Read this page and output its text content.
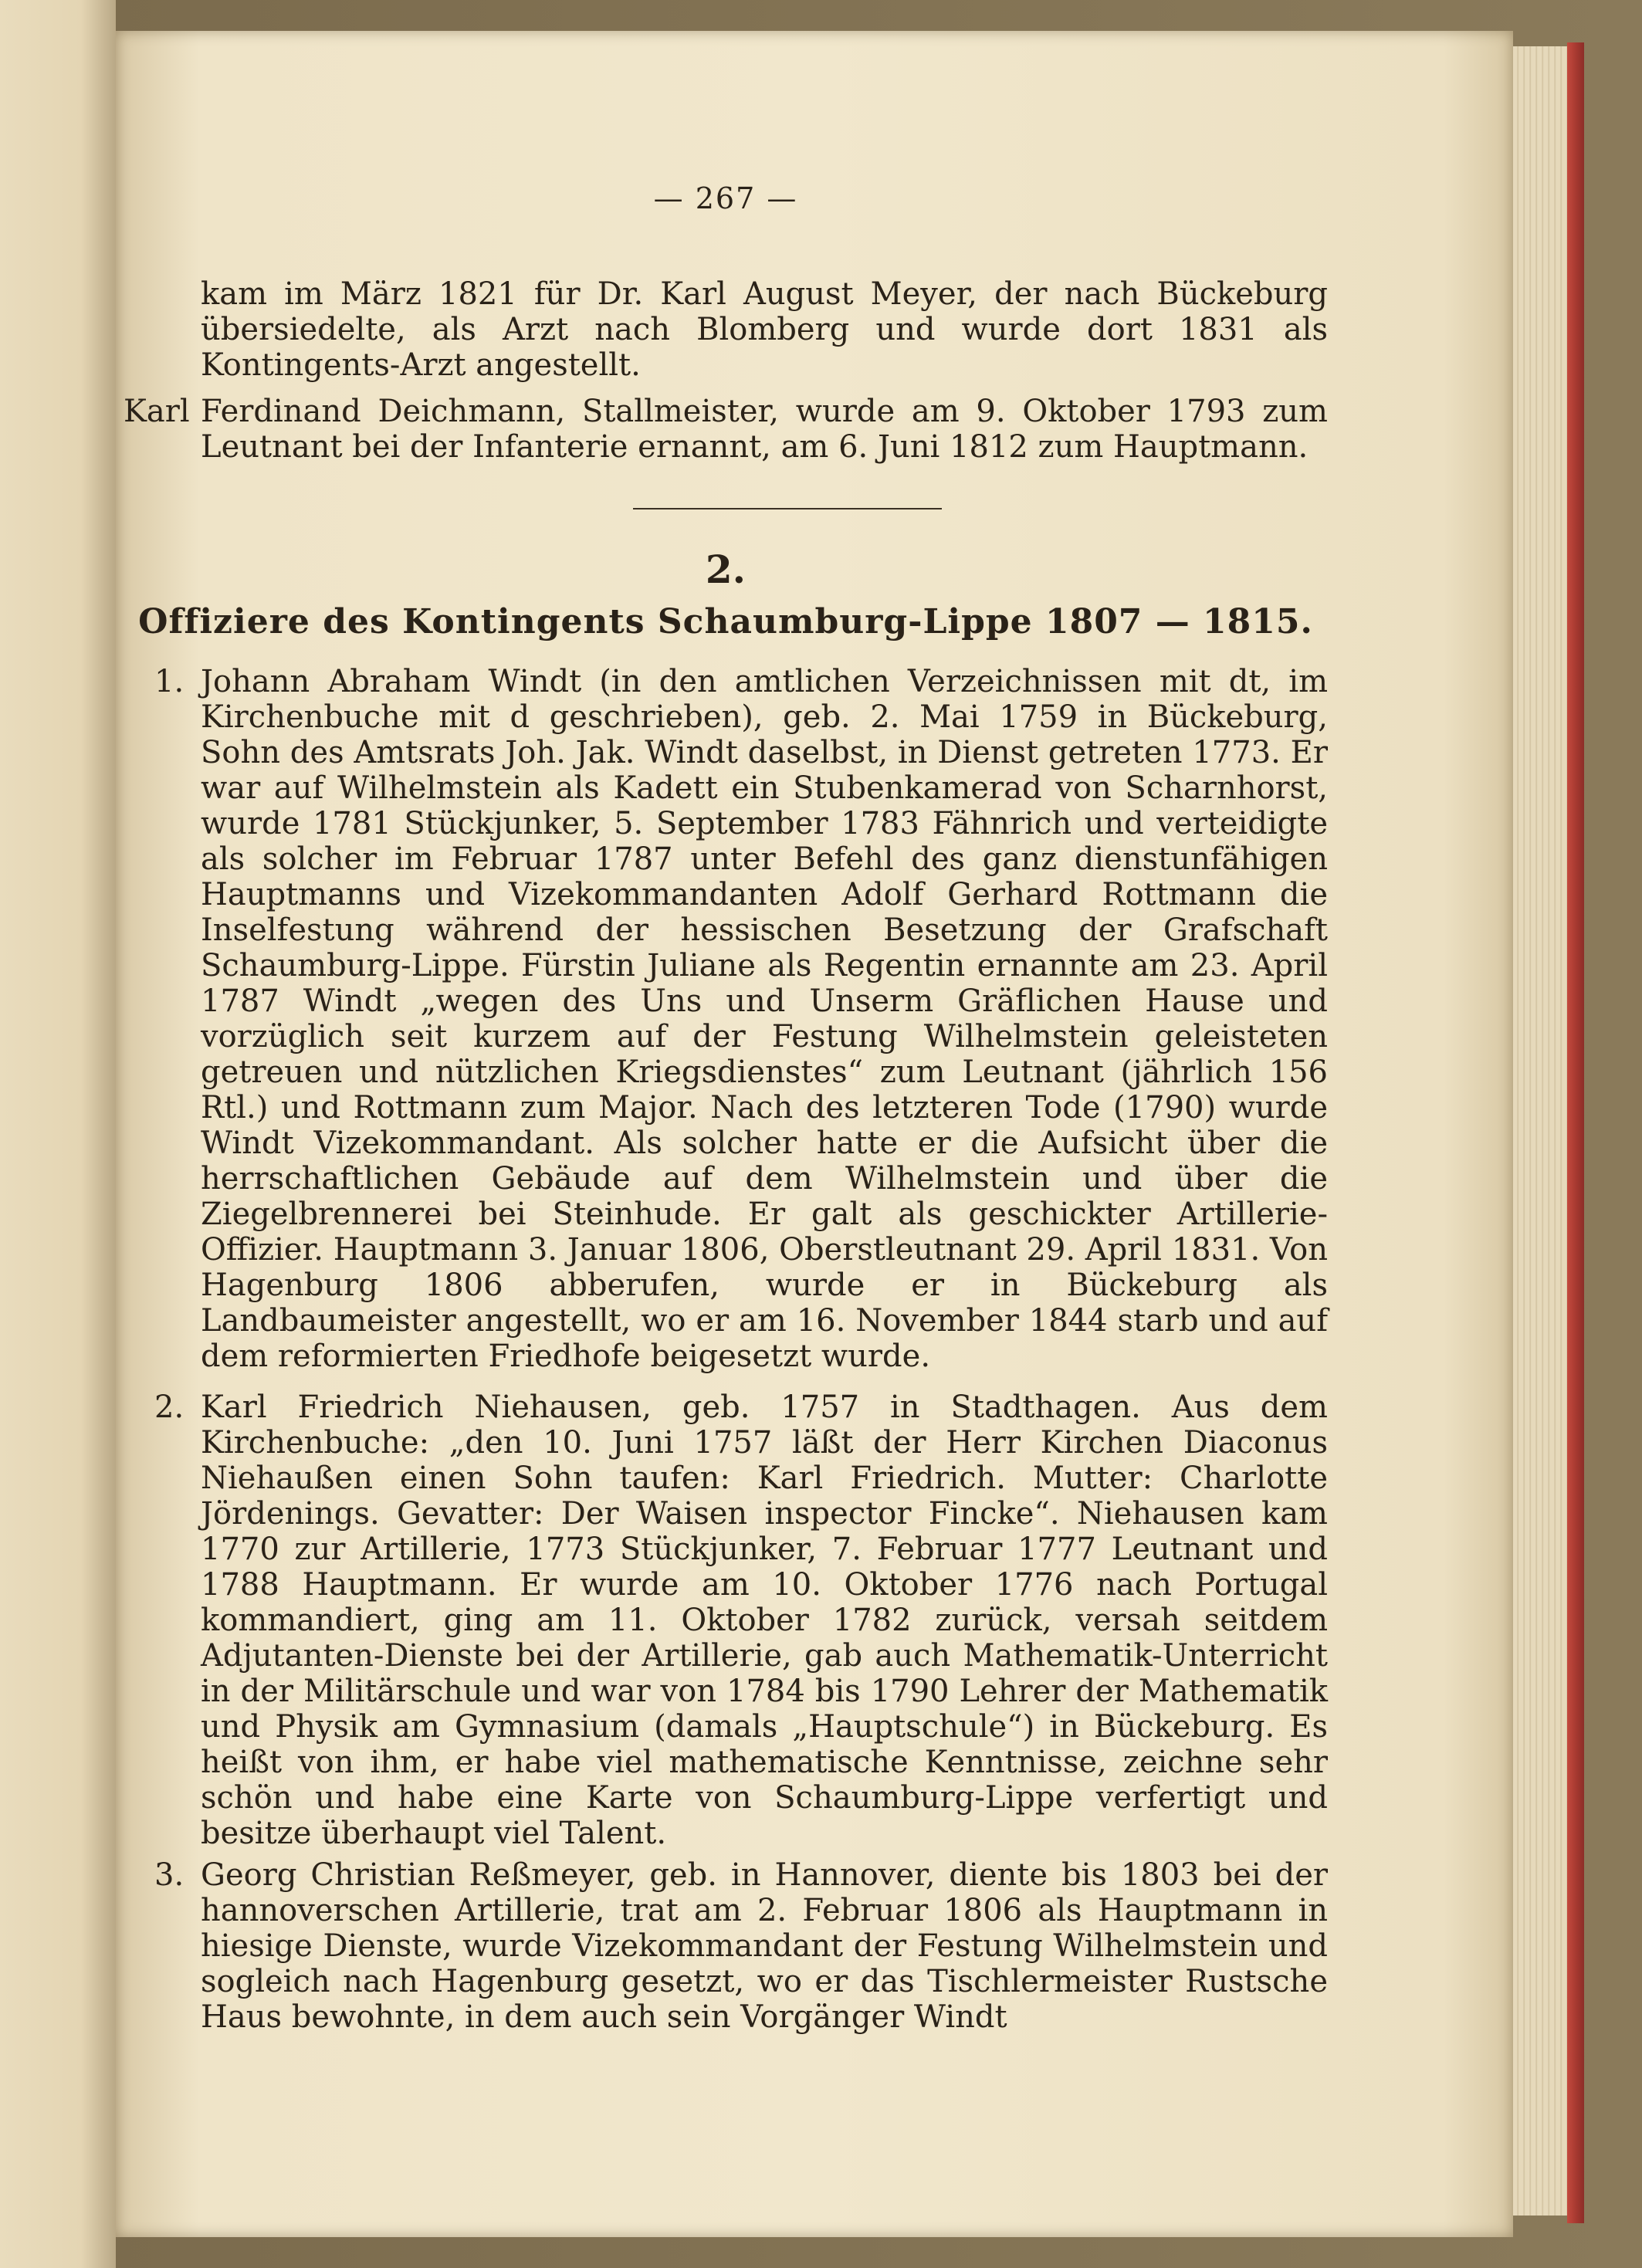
— 267 —

kam im März 1821 für Dr. Karl August Meyer, der nach Bückeburg übersiedelte, als Arzt nach Blomberg und wurde dort 1831 als Kontingents-Arzt angestellt.

Karl Ferdinand Deichmann, Stallmeister, wurde am 9. Oktober 1793 zum Leutnant bei der Infanterie ernannt, am 6. Juni 1812 zum Hauptmann.

2.
Offiziere des Kontingents Schaumburg-Lippe 1807 — 1815.
1. Johann Abraham Windt (in den amtlichen Verzeichnissen mit dt, im Kirchenbuche mit d geschrieben), geb. 2. Mai 1759 in Bückeburg, Sohn des Amtsrats Joh. Jak. Windt daselbst, in Dienst getreten 1773. Er war auf Wilhelmstein als Kadett ein Stubenkamerad von Scharnhorst, wurde 1781 Stückjunker, 5. September 1783 Fähnrich und verteidigte als solcher im Februar 1787 unter Befehl des ganz dienstunfähigen Hauptmanns und Vizekommandanten Adolf Gerhard Rottmann die Inselfestung während der hessischen Besetzung der Grafschaft Schaumburg-Lippe. Fürstin Juliane als Regentin ernannte am 23. April 1787 Windt „wegen des Uns und Unserm Gräflichen Hause und vorzüglich seit kurzem auf der Festung Wilhelmstein geleisteten getreuen und nützlichen Kriegsdienstes“ zum Leutnant (jährlich 156 Rtl.) und Rottmann zum Major. Nach des letzteren Tode (1790) wurde Windt Vizekommandant. Als solcher hatte er die Aufsicht über die herrschaftlichen Gebäude auf dem Wilhelmstein und über die Ziegelbrennerei bei Steinhude. Er galt als geschickter Artillerie-Offizier. Hauptmann 3. Januar 1806, Oberstleutnant 29. April 1831. Von Hagenburg 1806 abberufen, wurde er in Bückeburg als Landbaumeister angestellt, wo er am 16. November 1844 starb und auf dem reformierten Friedhofe beigesetzt wurde.

2. Karl Friedrich Niehausen, geb. 1757 in Stadthagen. Aus dem Kirchenbuche: „den 10. Juni 1757 läßt der Herr Kirchen Diaconus Niehaußen einen Sohn taufen: Karl Friedrich. Mutter: Charlotte Jördenings. Gevatter: Der Waisen inspector Fincke“. Niehausen kam 1770 zur Artillerie, 1773 Stückjunker, 7. Februar 1777 Leutnant und 1788 Hauptmann. Er wurde am 10. Oktober 1776 nach Portugal kommandiert, ging am 11. Oktober 1782 zurück, versah seitdem Adjutanten-Dienste bei der Artillerie, gab auch Mathematik-Unterricht in der Militärschule und war von 1784 bis 1790 Lehrer der Mathematik und Physik am Gymnasium (damals „Hauptschule“) in Bückeburg. Es heißt von ihm, er habe viel mathematische Kenntnisse, zeichne sehr schön und habe eine Karte von Schaumburg-Lippe verfertigt und besitze überhaupt viel Talent.

3. Georg Christian Reßmeyer, geb. in Hannover, diente bis 1803 bei der hannoverschen Artillerie, trat am 2. Februar 1806 als Hauptmann in hiesige Dienste, wurde Vizekommandant der Festung Wilhelmstein und sogleich nach Hagenburg gesetzt, wo er das Tischlermeister Rustsche Haus bewohnte, in dem auch sein Vorgänger Windt
